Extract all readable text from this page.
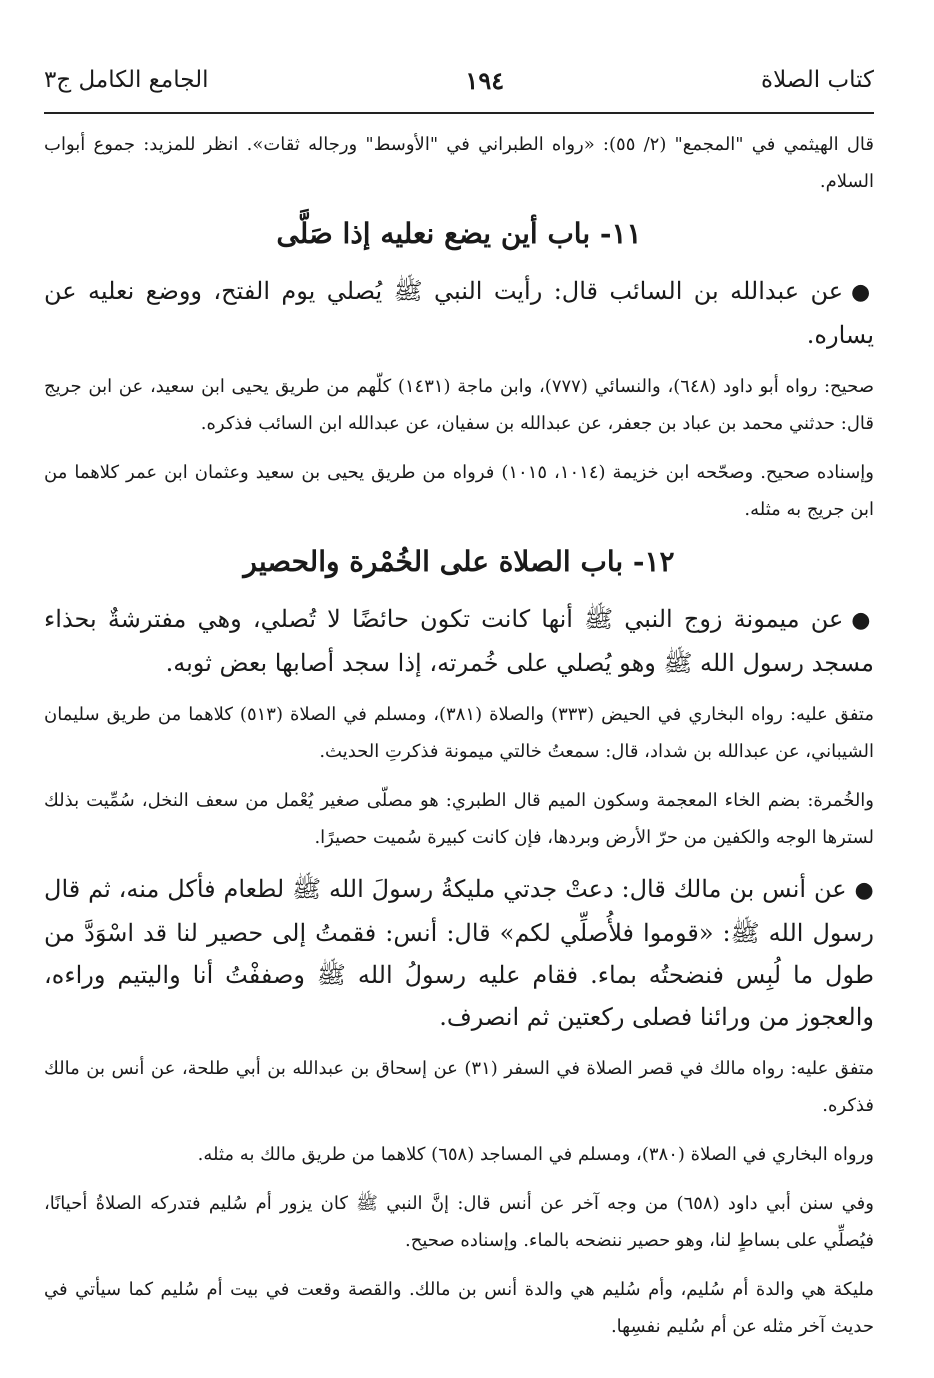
كتاب الصلاة
١٩٤
الجامع الكامل ج٣

قال الهيثمي في "المجمع" (٢/ ٥٥): «رواه الطبراني في "الأوسط" ورجاله ثقات». انظر للمزيد: جموع أبواب السلام.

١١- باب أين يضع نعليه إذا صَلَّى

●عن عبدالله بن السائب قال: رأيت النبي ﷺ يُصلي يوم الفتح، ووضع نعليه عن يساره.

صحيح: رواه أبو داود (٦٤٨)، والنسائي (٧٧٧)، وابن ماجة (١٤٣١) كلّهم من طريق يحيى ابن سعيد، عن ابن جريج قال: حدثني محمد بن عباد بن جعفر، عن عبدالله بن سفيان، عن عبدالله ابن السائب فذكره.

وإسناده صحيح. وصحّحه ابن خزيمة (١٠١٤، ١٠١٥) فرواه من طريق يحيى بن سعيد وعثمان ابن عمر كلاهما من ابن جريج به مثله.

١٢- باب الصلاة على الخُمْرة والحصير

●عن ميمونة زوج النبي ﷺ أنها كانت تكون حائضًا لا تُصلي، وهي مفترشةٌ بحذاء مسجد رسول الله ﷺ وهو يُصلي على خُمرته، إذا سجد أصابها بعض ثوبه.

متفق عليه: رواه البخاري في الحيض (٣٣٣) والصلاة (٣٨١)، ومسلم في الصلاة (٥١٣) كلاهما من طريق سليمان الشيباني، عن عبدالله بن شداد، قال: سمعتُ خالتي ميمونة فذكرتِ الحديث.

والخُمرة: بضم الخاء المعجمة وسكون الميم قال الطبري: هو مصلّى صغير يُعْمل من سعف النخل، سُمِّيت بذلك لسترها الوجه والكفين من حرّ الأرض وبردها، فإن كانت كبيرة سُميت حصيرًا.

●عن أنس بن مالك قال: دعتْ جدتي مليكةُ رسولَ الله ﷺ لطعام فأكل منه، ثم قال رسول الله ﷺ: «قوموا فلأُصلِّي لكم» قال: أنس: فقمتُ إلى حصير لنا قد اسْوَدَّ من طول ما لُبِس فنضحتُه بماء. فقام عليه رسولُ الله ﷺ وصففْتُ أنا واليتيم وراءه، والعجوز من ورائنا فصلى ركعتين ثم انصرف.

متفق عليه: رواه مالك في قصر الصلاة في السفر (٣١) عن إسحاق بن عبدالله بن أبي طلحة، عن أنس بن مالك فذكره.

ورواه البخاري في الصلاة (٣٨٠)، ومسلم في المساجد (٦٥٨) كلاهما من طريق مالك به مثله.

وفي سنن أبي داود (٦٥٨) من وجه آخر عن أنس قال: إنَّ النبي ﷺ كان يزور أم سُليم فتدركه الصلاةُ أحيانًا، فيُصلِّي على بساطٍ لنا، وهو حصير ننضحه بالماء. وإسناده صحيح.

مليكة هي والدة أم سُليم، وأم سُليم هي والدة أنس بن مالك. والقصة وقعت في بيت أم سُليم كما سيأتي في حديث آخر مثله عن أم سُليم نفسِها.
